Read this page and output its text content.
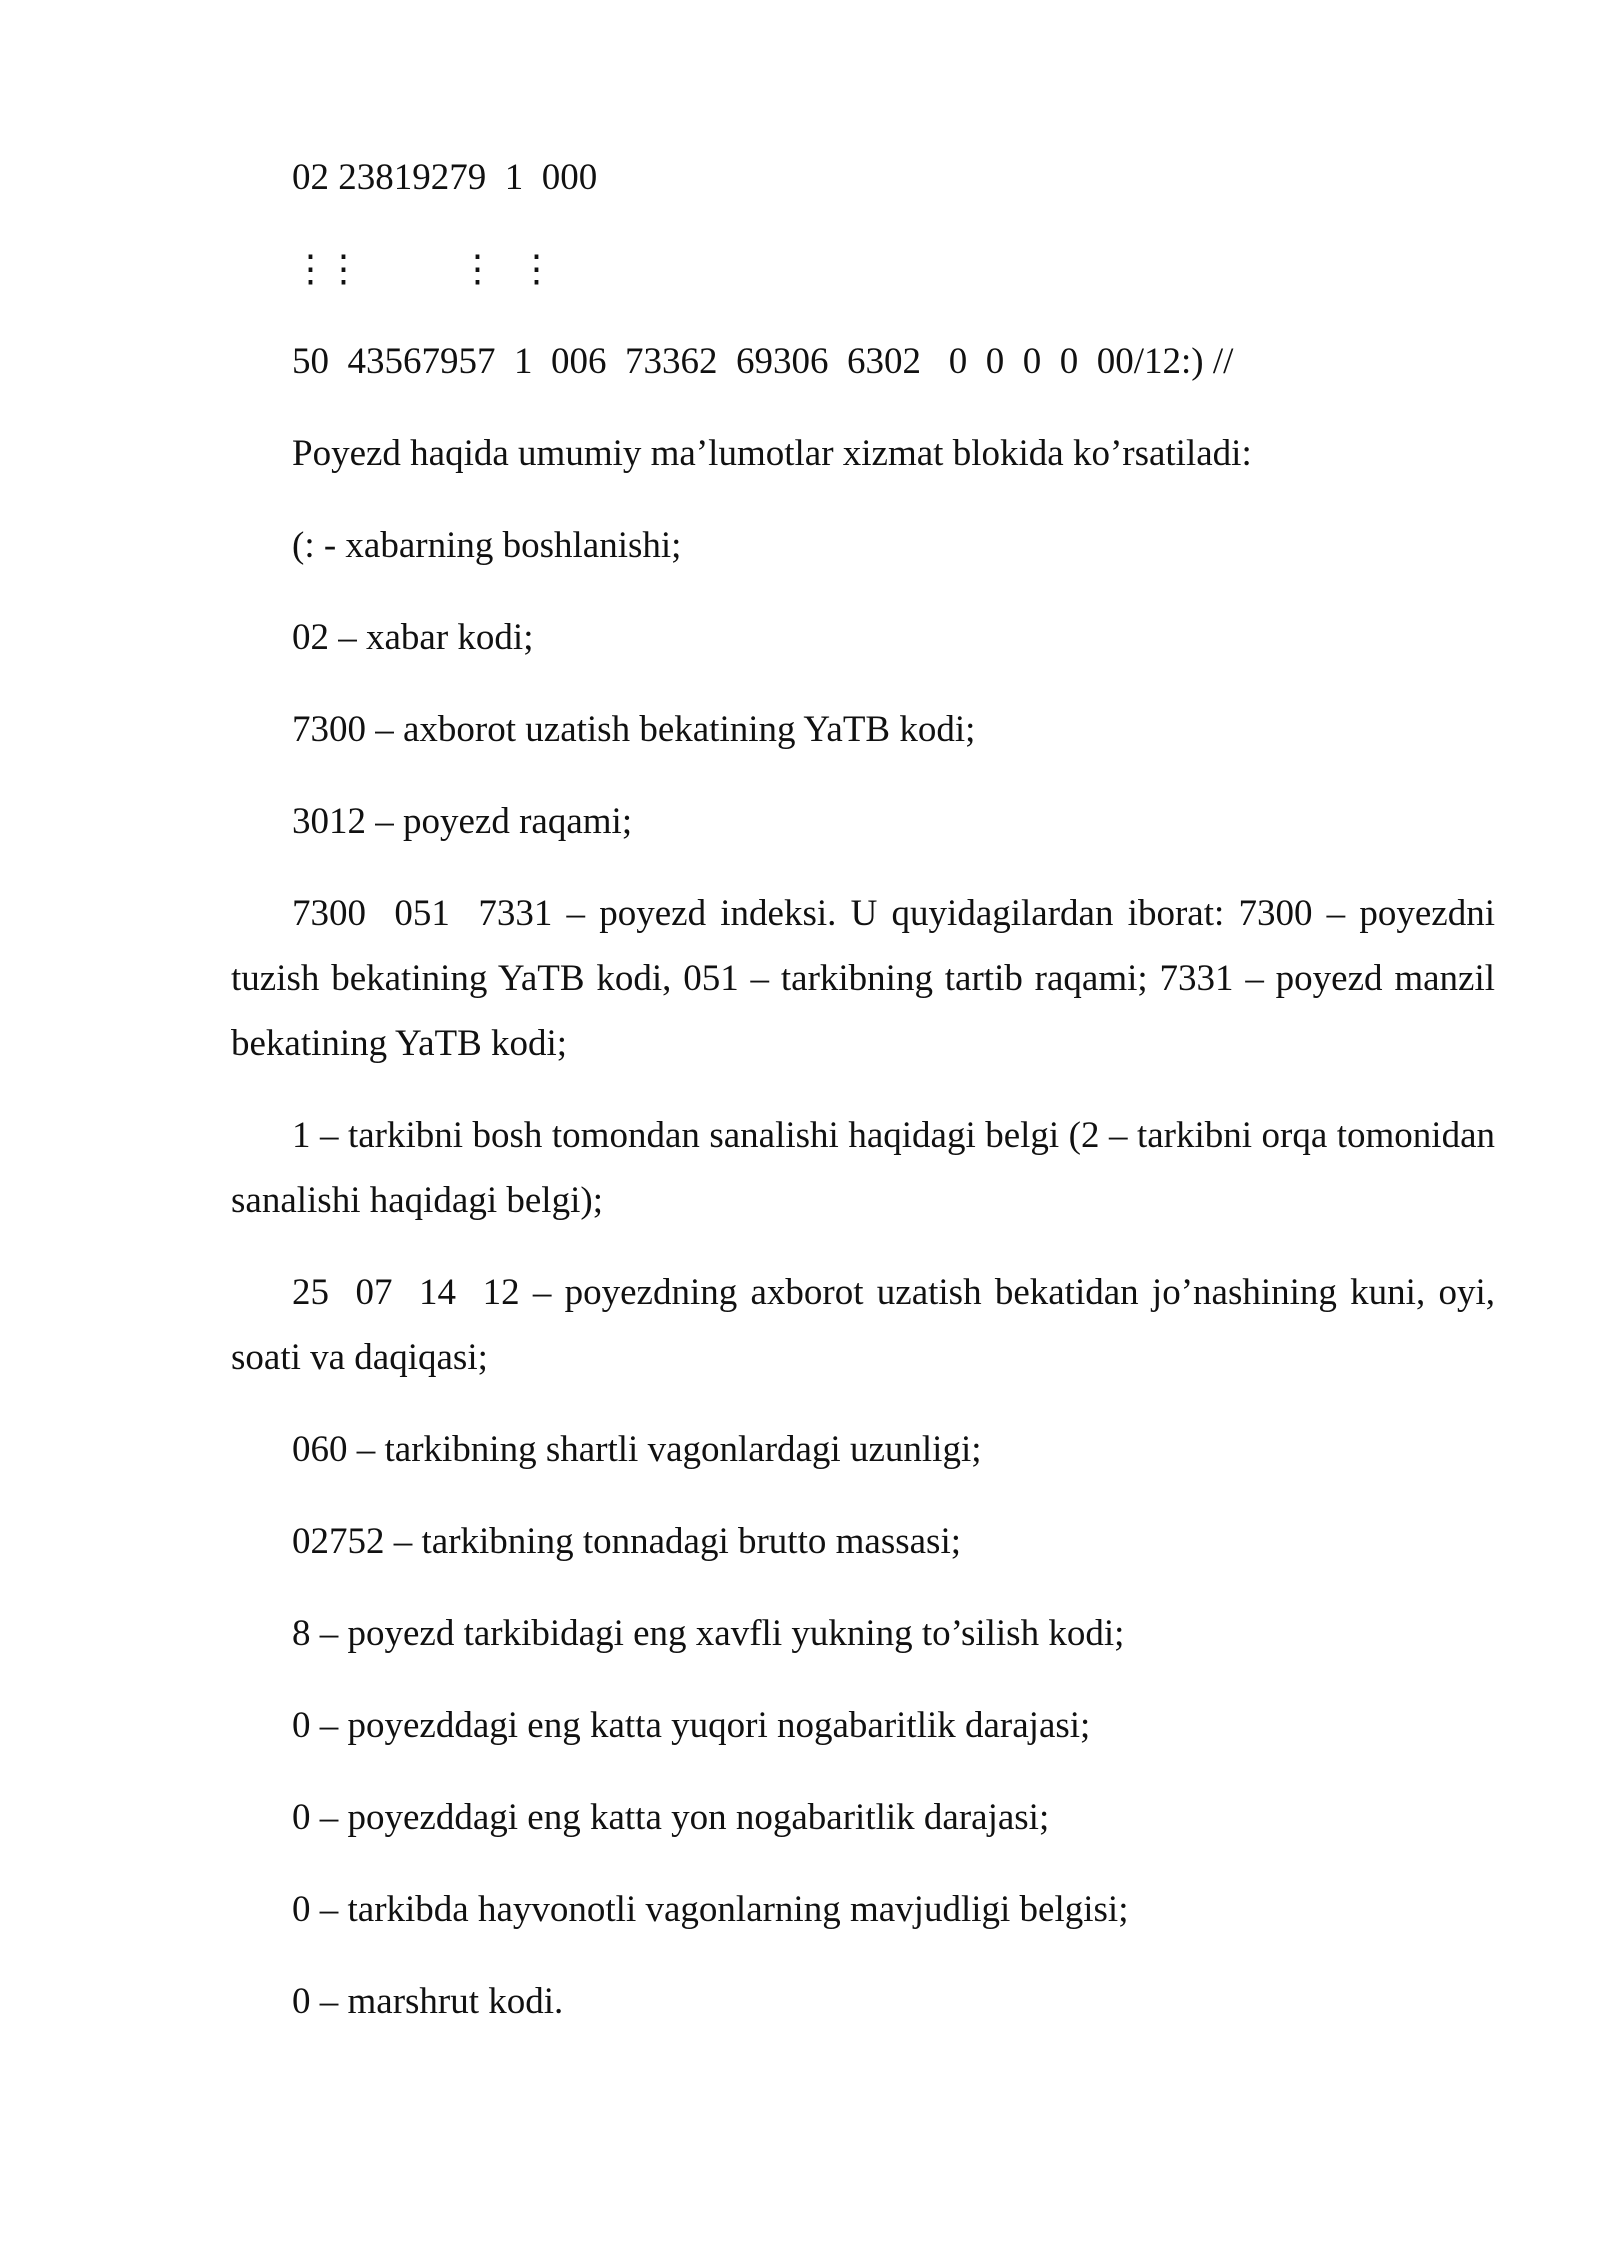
02 23819279  1  000

⋮
⋮	⋮ ⋮

50  43567957  1  006  73362  69306  6302   0  0  0  0  00/12:) //

Poyezd haqida umumiy ma’lumotlar xizmat blokida ko’rsatiladi:

(: - xabarning boshlanishi;

02 – xabar kodi;

7300 – axborot uzatish bekatining YaTB kodi;

3012 – poyezd raqami;

7300  051  7331 – poyezd indeksi. U quyidagilardan iborat: 7300 – poyezdni tuzish bekatining YaTB kodi, 051 – tarkibning tartib raqami; 7331 – poyezd manzil bekatining YaTB kodi;

1 – tarkibni bosh tomondan sanalishi haqidagi belgi (2 – tarkibni orqa tomonidan sanalishi haqidagi belgi);

25  07  14  12 – poyezdning axborot uzatish bekatidan jo’nashining kuni, oyi, soati va daqiqasi;

060 – tarkibning shartli vagonlardagi uzunligi;

02752 – tarkibning tonnadagi brutto massasi;

8 – poyezd tarkibidagi eng xavfli yukning to’silish kodi;

0 – poyezddagi eng katta yuqori nogabaritlik darajasi;

0 – poyezddagi eng katta yon nogabaritlik darajasi;

0 – tarkibda hayvonotli vagonlarning mavjudligi belgisi;

0 – marshrut kodi.
